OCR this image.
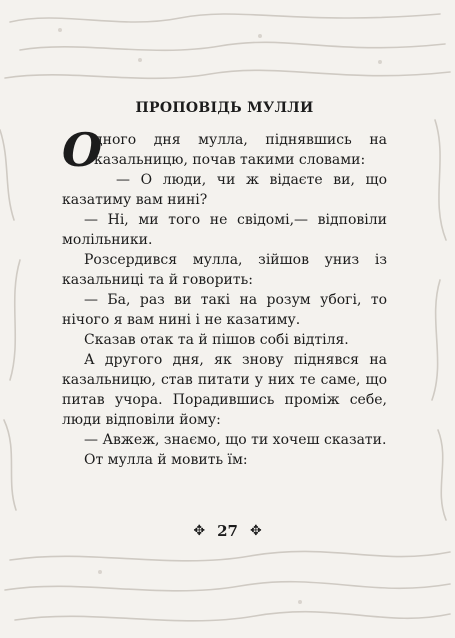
ПРОПОВІДЬ МУЛЛИ

О
дного дня мулла, піднявшись на казальницю, почав такими словами:

— О люди, чи ж відаєте ви, що казатиму вам нині?

— Ні, ми того не свідомі,— відповіли молільники.

Розсердився мулла, зійшов униз із казальниці та й говорить:

— Ба, раз ви такі на розум убогі, то нічого я вам нині і не казатиму.

Сказав отак та й пішов собі відтіля.

А другого дня, як знову піднявся на казальницю, став питати у них те саме, що питав учора. Порадившись проміж себе, люди відповіли йому:

— Авжеж, знаємо, що ти хочеш сказати.

От мулла й мовить їм:

✥ 27 ✥
